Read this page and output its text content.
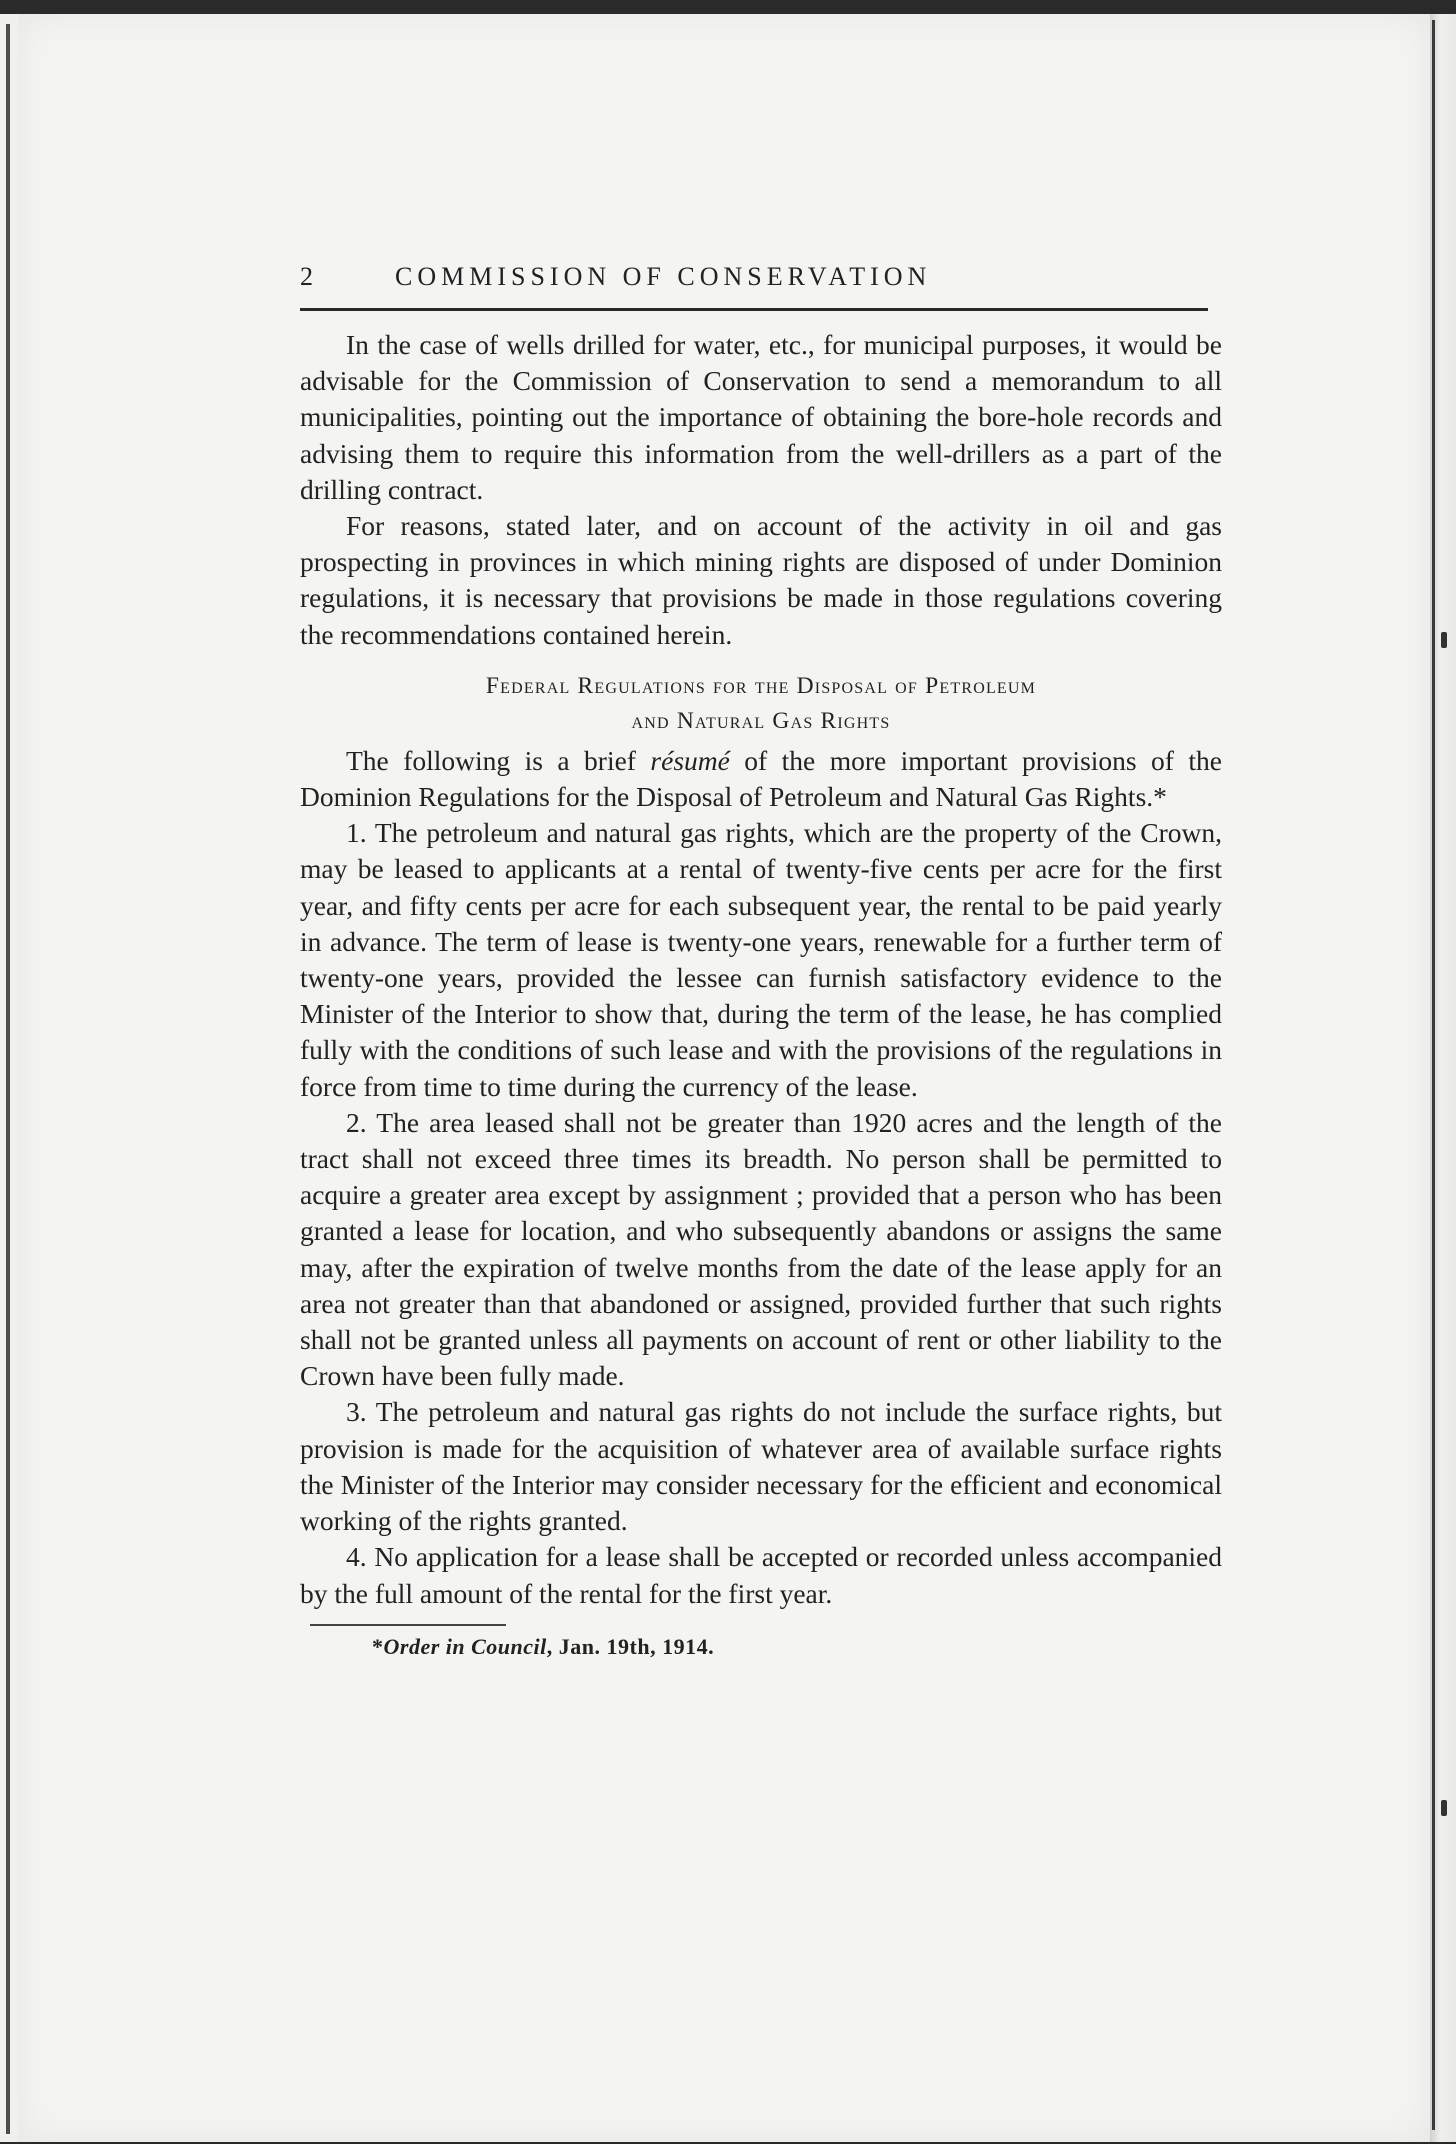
2	COMMISSION OF CONSERVATION

In the case of wells drilled for water, etc., for municipal purposes, it would be advisable for the Commission of Conservation to send a memorandum to all municipalities, pointing out the importance of obtaining the bore-hole records and advising them to require this information from the well-drillers as a part of the drilling contract.

For reasons, stated later, and on account of the activity in oil and gas prospecting in provinces in which mining rights are disposed of under Dominion regulations, it is necessary that provisions be made in those regulations covering the recommendations contained herein.

Federal Regulations for the Disposal of Petroleum
and Natural Gas Rights

The following is a brief résumé of the more important provisions of the Dominion Regulations for the Disposal of Petroleum and Natural Gas Rights.*

1. The petroleum and natural gas rights, which are the property of the Crown, may be leased to applicants at a rental of twenty-five cents per acre for the first year, and fifty cents per acre for each subsequent year, the rental to be paid yearly in advance. The term of lease is twenty-one years, renewable for a further term of twenty-one years, provided the lessee can furnish satisfactory evidence to the Minister of the Interior to show that, during the term of the lease, he has complied fully with the conditions of such lease and with the provisions of the regulations in force from time to time during the currency of the lease.

2. The area leased shall not be greater than 1920 acres and the length of the tract shall not exceed three times its breadth. No person shall be permitted to acquire a greater area except by assignment ; provided that a person who has been granted a lease for location, and who subsequently abandons or assigns the same may, after the expiration of twelve months from the date of the lease apply for an area not greater than that abandoned or assigned, provided further that such rights shall not be granted unless all payments on account of rent or other liability to the Crown have been fully made.

3. The petroleum and natural gas rights do not include the surface rights, but provision is made for the acquisition of whatever area of available surface rights the Minister of the Interior may consider necessary for the efficient and economical working of the rights granted.

4. No application for a lease shall be accepted or recorded unless accompanied by the full amount of the rental for the first year.

*Order in Council, Jan. 19th, 1914.
